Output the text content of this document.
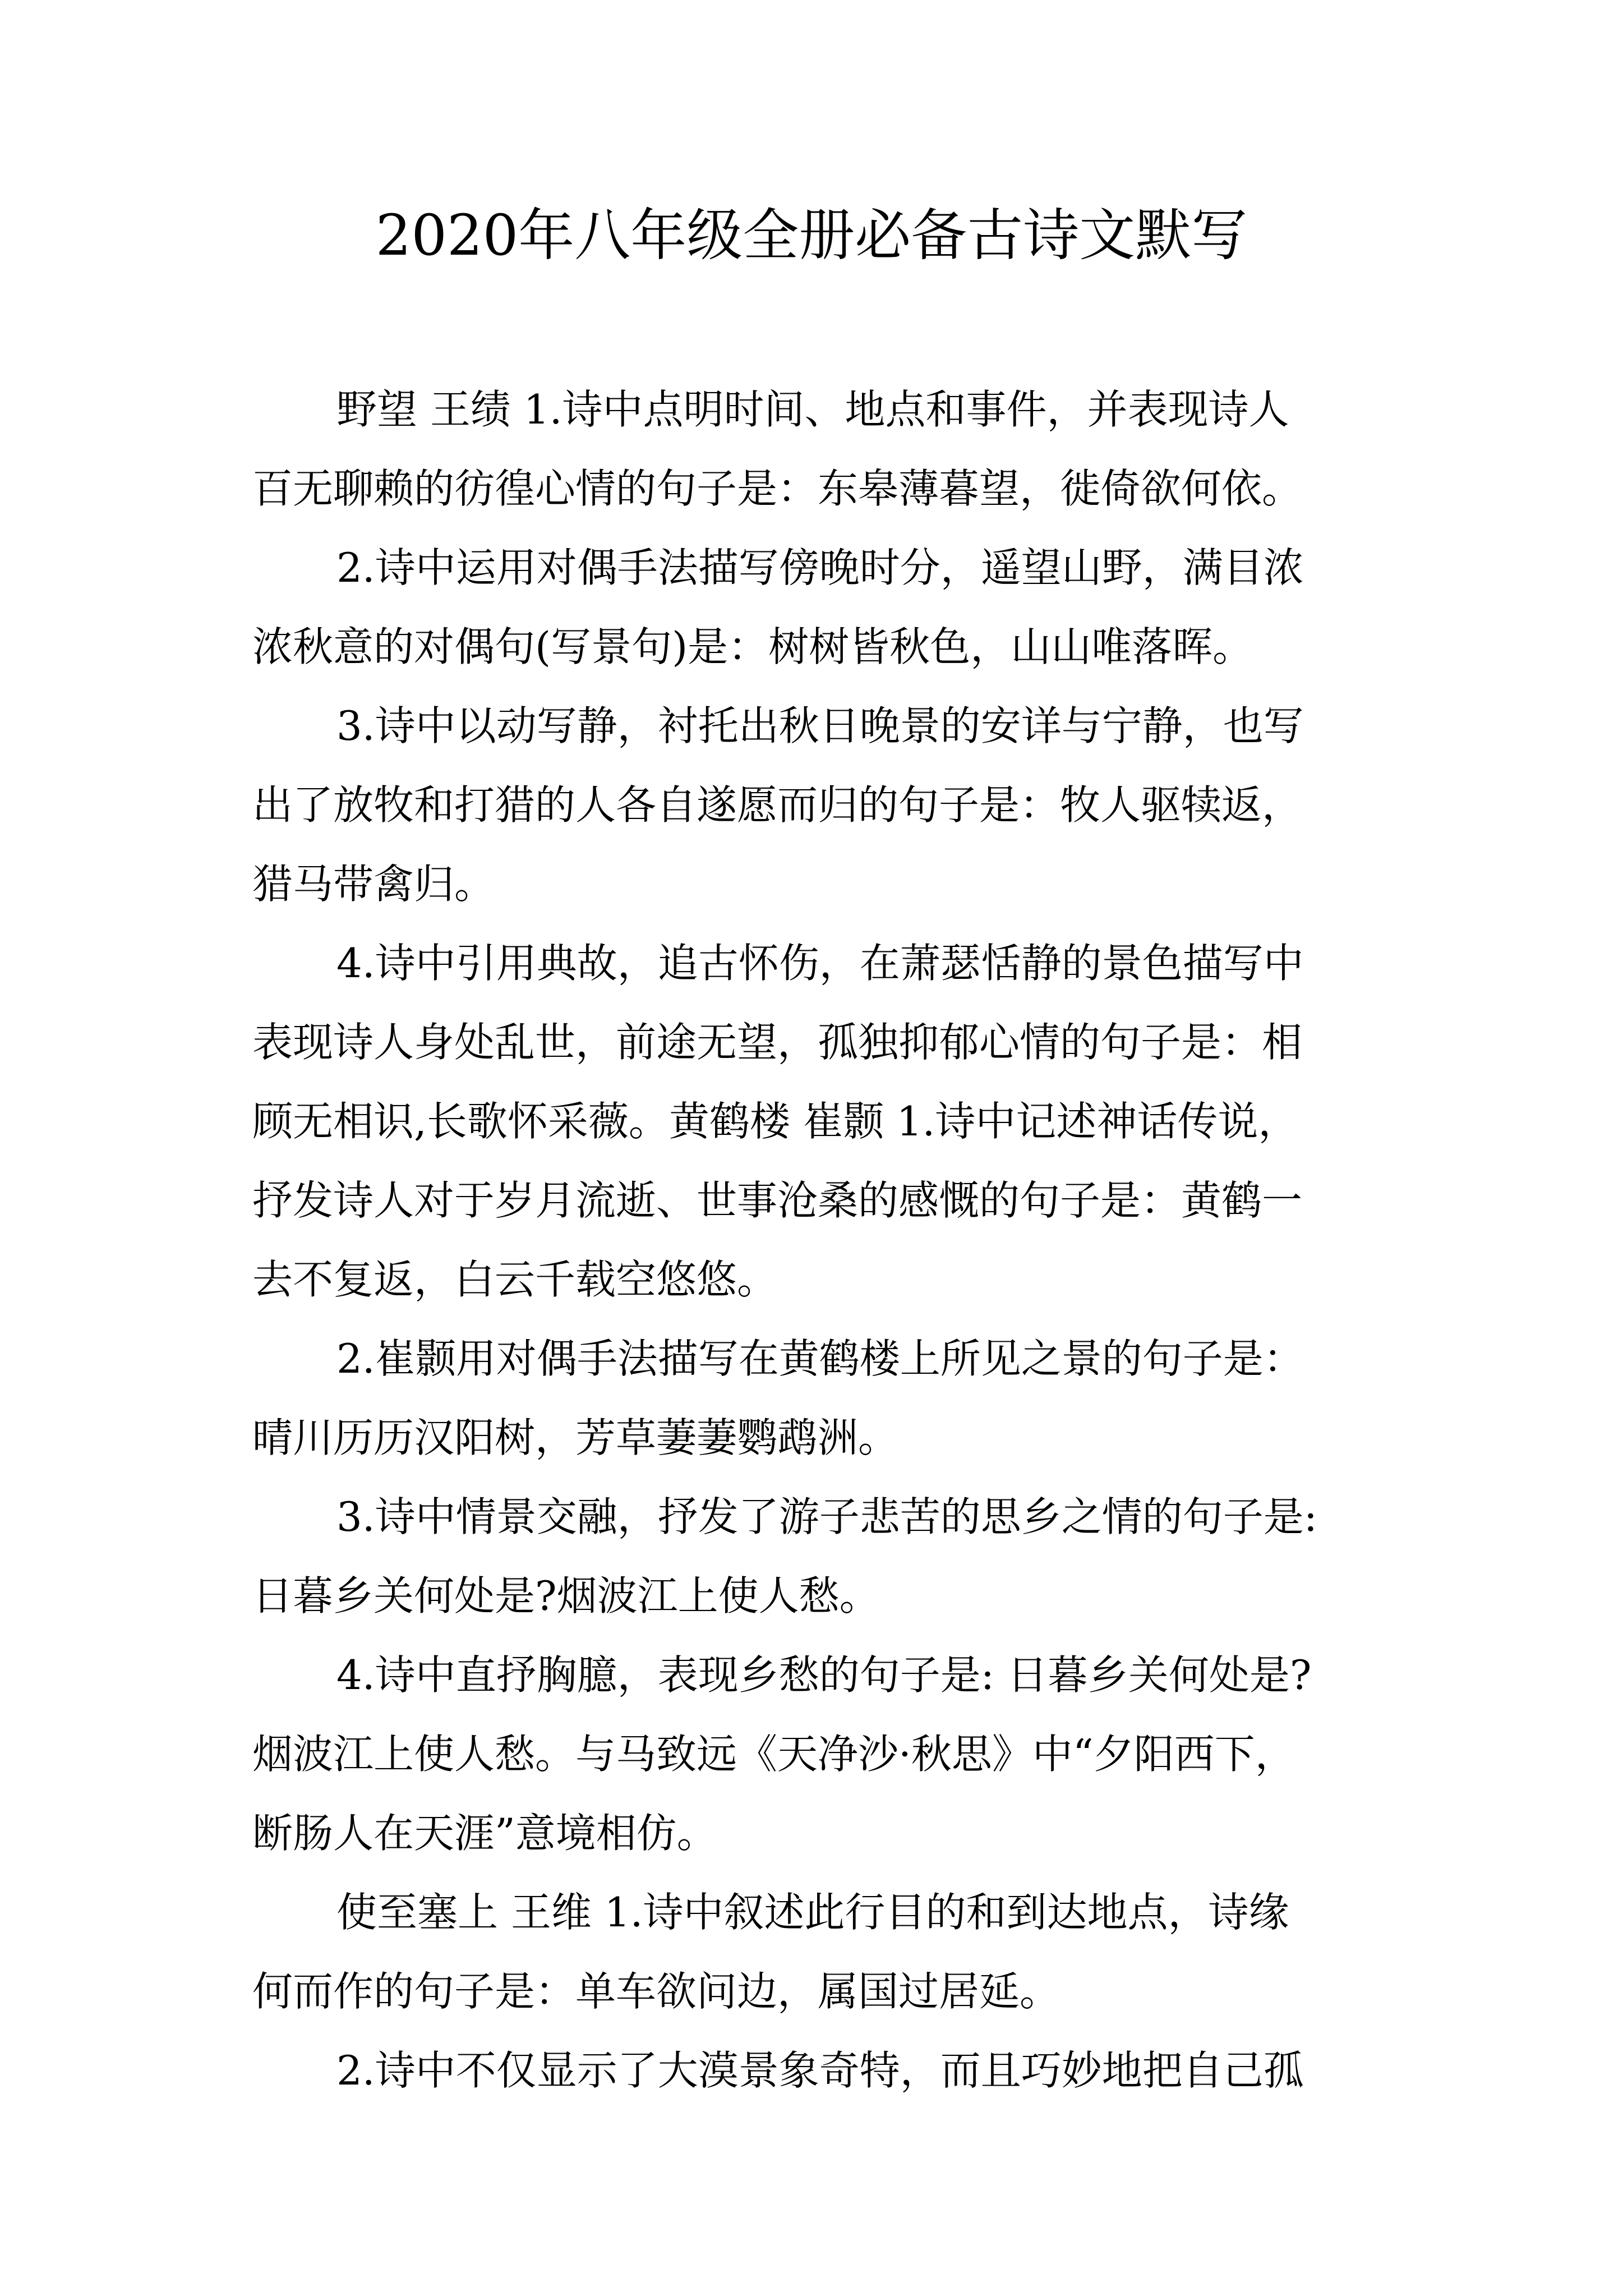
2020年八年级全册必备古诗文默写
野望 王绩 1.诗中点明时间、地点和事件，并表现诗人
百无聊赖的彷徨心情的句子是：东皋薄暮望，徙倚欲何依。
2.诗中运用对偶手法描写傍晚时分，遥望山野，满目浓
浓秋意的对偶句(写景句)是：树树皆秋色，山山唯落晖。
3.诗中以动写静，衬托出秋日晚景的安详与宁静，也写
出了放牧和打猎的人各自遂愿而归的句子是：牧人驱犊返，
猎马带禽归。
4.诗中引用典故，追古怀伤，在萧瑟恬静的景色描写中
表现诗人身处乱世，前途无望，孤独抑郁心情的句子是：相
顾无相识,长歌怀采薇。黄鹤楼 崔颢 1.诗中记述神话传说，
抒发诗人对于岁月流逝、世事沧桑的感慨的句子是：黄鹤一
去不复返，白云千载空悠悠。
2.崔颢用对偶手法描写在黄鹤楼上所见之景的句子是：
晴川历历汉阳树，芳草萋萋鹦鹉洲。
3.诗中情景交融，抒发了游子悲苦的思乡之情的句子是:
日暮乡关何处是?烟波江上使人愁。
4.诗中直抒胸臆，表现乡愁的句子是: 日暮乡关何处是?
烟波江上使人愁。与马致远《天净沙·秋思》中“夕阳西下，
断肠人在天涯”意境相仿。
使至塞上 王维 1.诗中叙述此行目的和到达地点，诗缘
何而作的句子是：单车欲问边，属国过居延。
2.诗中不仅显示了大漠景象奇特，而且巧妙地把自己孤
